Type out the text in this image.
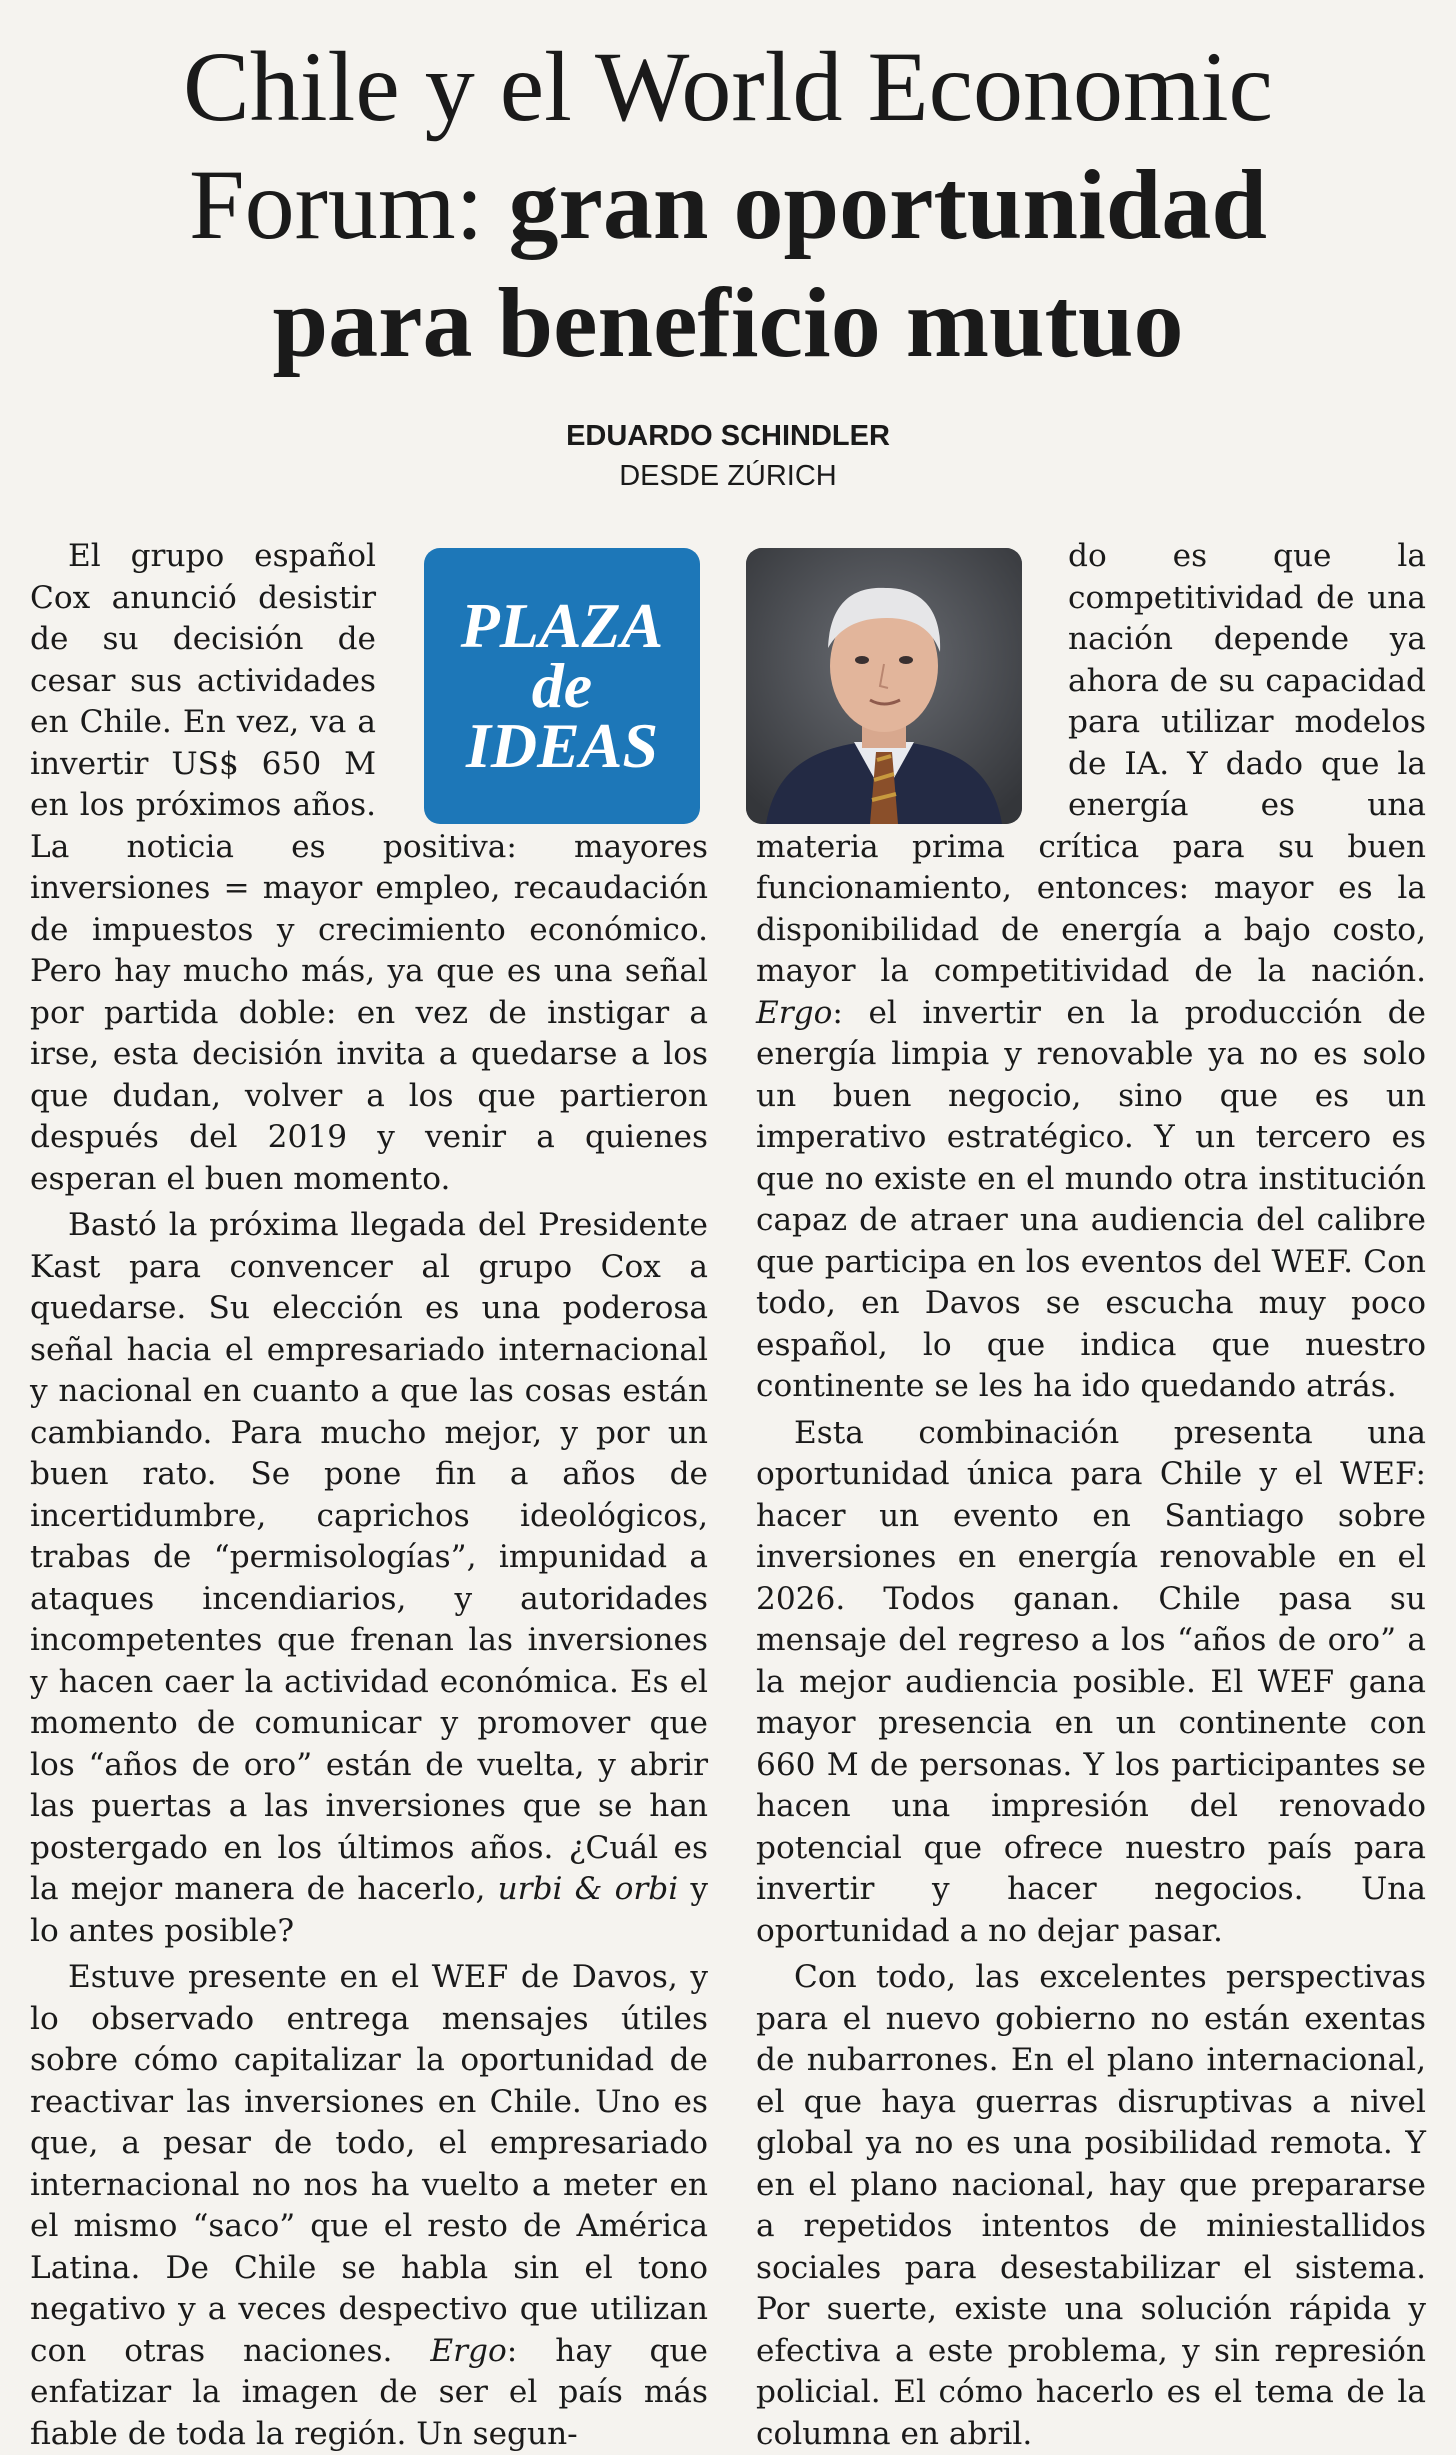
Chile y el World Economic
Forum: gran oportunidad
para beneficio mutuo
EDUARDO SCHINDLER
DESDE ZÚRICH
PLAZA
de
IDEAS

El grupo español Cox anunció desistir de su decisión de cesar sus actividades en Chile. En vez, va a invertir US$ 650 M en los próximos años. La noticia es positiva: mayores inversiones = mayor empleo, recaudación de impuestos y crecimiento económico. Pero hay mucho más, ya que es una señal por partida doble: en vez de instigar a irse, esta decisión invita a quedarse a los que dudan, volver a los que partieron después del 2019 y venir a quienes esperan el buen momento.

Bastó la próxima llegada del Presidente Kast para convencer al grupo Cox a quedarse. Su elección es una poderosa señal hacia el empresariado internacional y nacional en cuanto a que las cosas están cambiando. Para mucho mejor, y por un buen rato. Se pone fin a años de incertidumbre, caprichos ideológicos, trabas de “permisologías”, impunidad a ataques incendiarios, y autoridades incompetentes que frenan las inversiones y hacen caer la actividad económica. Es el momento de comunicar y promover que los “años de oro” están de vuelta, y abrir las puertas a las inversiones que se han postergado en los últimos años. ¿Cuál es la mejor manera de hacerlo, urbi & orbi y lo antes posible?

Estuve presente en el WEF de Davos, y lo observado entrega mensajes útiles sobre cómo capitalizar la oportunidad de reactivar las inversiones en Chile. Uno es que, a pesar de todo, el empresariado internacional no nos ha vuelto a meter en el mismo “saco” que el resto de América Latina. De Chile se habla sin el tono negativo y a veces despectivo que utilizan con otras naciones. Ergo: hay que enfatizar la imagen de ser el país más fiable de toda la región. Un segun-

do es que la competitividad de una nación depende ya ahora de su capacidad para utilizar modelos de IA. Y dado que la energía es una materia prima crítica para su buen funcionamiento, entonces: mayor es la disponibilidad de energía a bajo costo, mayor la competitividad de la nación. Ergo: el invertir en la producción de energía limpia y renovable ya no es solo un buen negocio, sino que es un imperativo estratégico. Y un tercero es que no existe en el mundo otra institución capaz de atraer una audiencia del calibre que participa en los eventos del WEF. Con todo, en Davos se escucha muy poco español, lo que indica que nuestro continente se les ha ido quedando atrás.

Esta combinación presenta una oportunidad única para Chile y el WEF: hacer un evento en Santiago sobre inversiones en energía renovable en el 2026. Todos ganan. Chile pasa su mensaje del regreso a los “años de oro” a la mejor audiencia posible. El WEF gana mayor presencia en un continente con 660 M de personas. Y los participantes se hacen una impresión del renovado potencial que ofrece nuestro país para invertir y hacer negocios. Una oportunidad a no dejar pasar.

Con todo, las excelentes perspectivas para el nuevo gobierno no están exentas de nubarrones. En el plano internacional, el que haya guerras disruptivas a nivel global ya no es una posibilidad remota. Y en el plano nacional, hay que prepararse a repetidos intentos de miniestallidos sociales para desestabilizar el sistema. Por suerte, existe una solución rápida y efectiva a este problema, y sin represión policial. El cómo hacerlo es el tema de la columna en abril.
